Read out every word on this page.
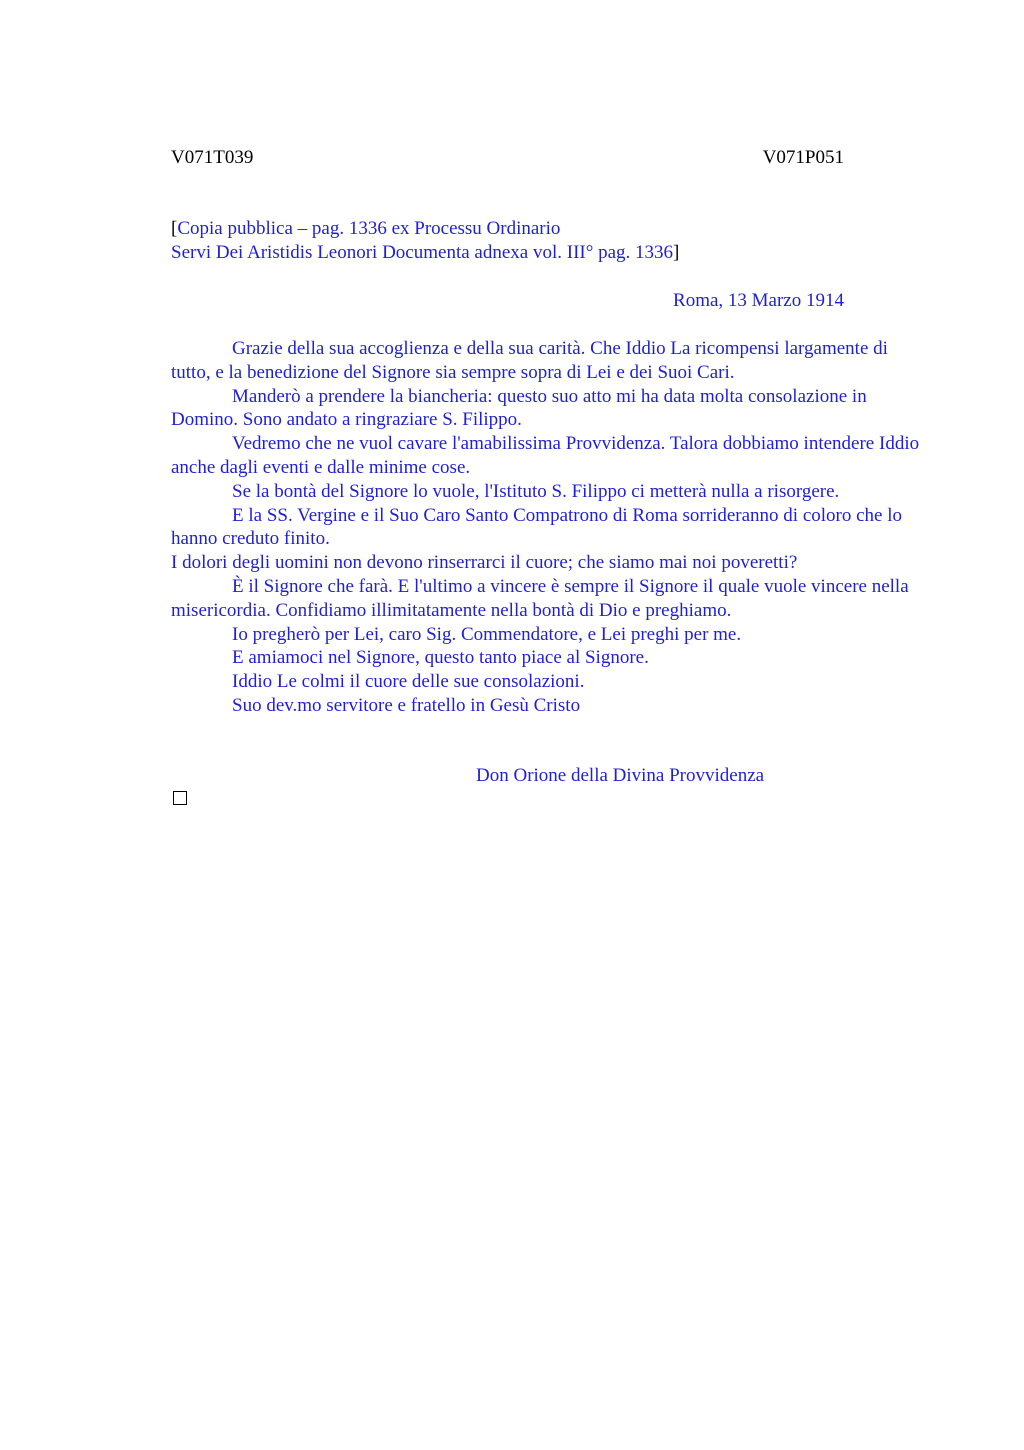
V071T039	V071P051
[Copia pubblica – pag. 1336 ex Processu Ordinario
Servi Dei Aristidis Leonori Documenta adnexa vol. III° pag. 1336]
Roma, 13 Marzo 1914

Grazie della sua accoglienza e della sua carità. Che Iddio La ricompensi largamente di tutto, e la benedizione del Signore sia sempre sopra di Lei e dei Suoi Cari.

Manderò a prendere la biancheria: questo suo atto mi ha data molta consolazione in Domino. Sono andato a ringraziare S. Filippo.

Vedremo che ne vuol cavare l'amabilissima Provvidenza. Talora dobbiamo intendere Iddio anche dagli eventi e dalle minime cose.

Se la bontà del Signore lo vuole, l'Istituto S. Filippo ci metterà nulla a risorgere.

E la SS. Vergine e il Suo Caro Santo Compatrono di Roma sorrideranno di coloro che lo hanno creduto finito.

I dolori degli uomini non devono rinserrarci il cuore; che siamo mai noi poveretti?

È il Signore che farà. E l'ultimo a vincere è sempre il Signore il quale vuole vincere nella misericordia. Confidiamo illimitatamente nella bontà di Dio e preghiamo.

Io pregherò per Lei, caro Sig. Commendatore, e Lei preghi per me.

E amiamoci nel Signore, questo tanto piace al Signore.

Iddio Le colmi il cuore delle sue consolazioni.

Suo dev.mo servitore e fratello in Gesù Cristo

Don Orione della Divina Provvidenza
